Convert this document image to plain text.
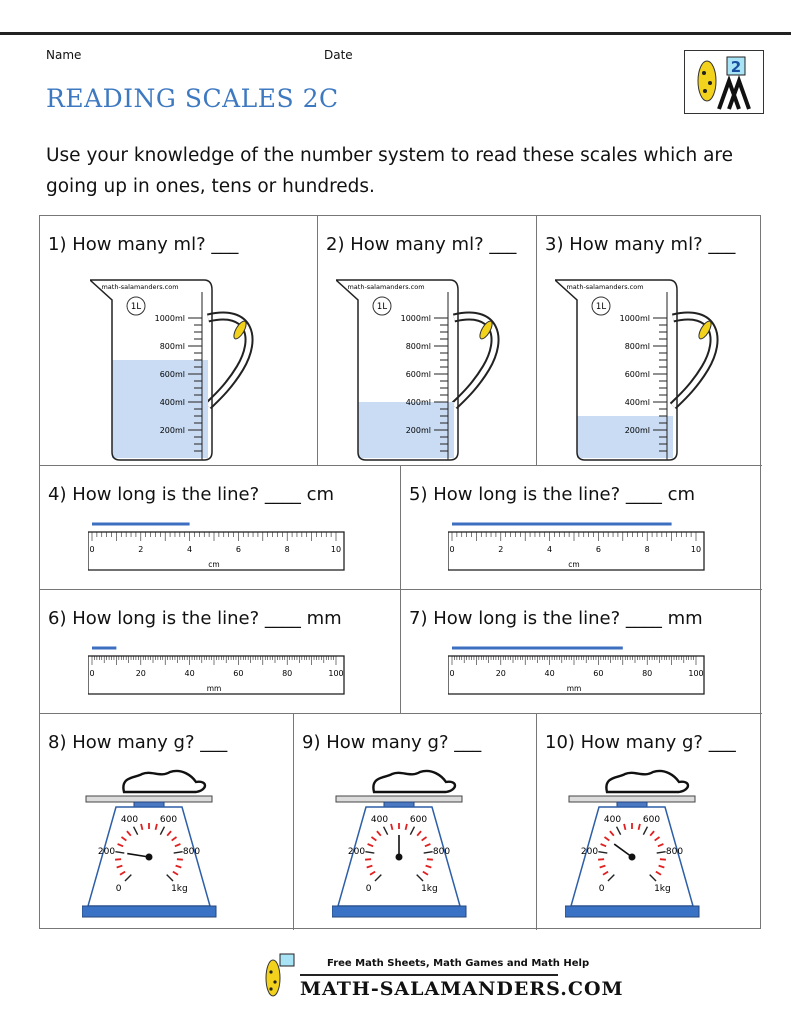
Name	Date
2
READING SCALES 2C
Use your knowledge of the number system to read these scales which are going up in ones, tens or hundreds.
1) How many ml? ___
1000ml
800ml
600ml
400ml
200ml
math-salamanders.com
1L
2) How many ml? ___
1000ml
800ml
600ml
400ml
200ml
math-salamanders.com
1L
3) How many ml? ___
1000ml
800ml
600ml
400ml
200ml
math-salamanders.com
1L
4) How long is the line? ____ cm
0	2	4	6	8	10
cm
5) How long is the line? ____ cm
0	2	4	6	8	10
cm
6) How long is the line? ____ mm
0	20	40	60	80	100
mm
7) How long is the line? ____ mm
0	20	40	60	80	100
mm
8) How many g? ___
0
200
400 600
800
1kg
9) How many g? ___
0
200
400 600
800
1kg
10) How many g? ___
0
200
400 600
800
1kg
Free Math Sheets, Math Games and Math Help
MATH-SALAMANDERS.COM
